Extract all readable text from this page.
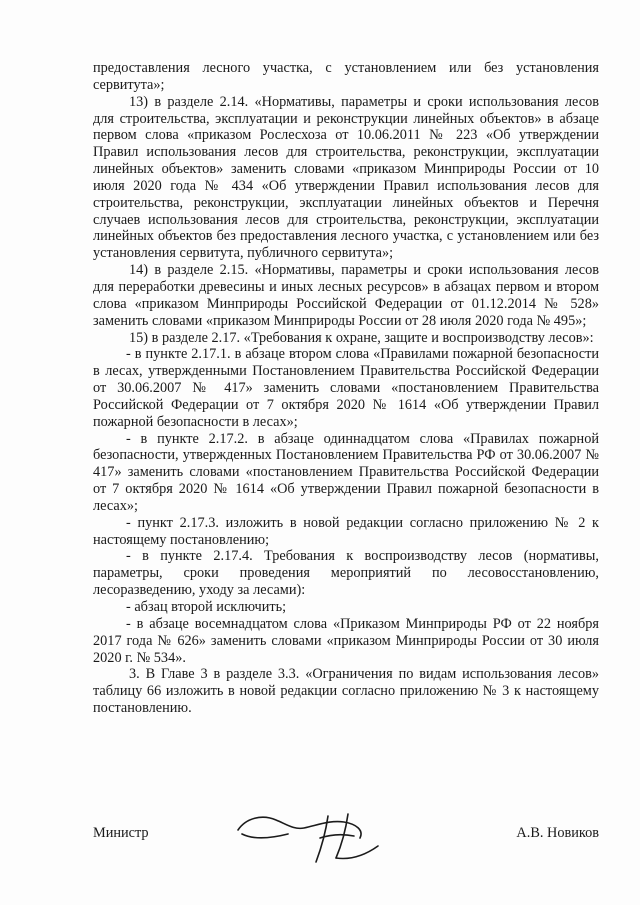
предоставления лесного участка, с установлением или без установления сервитута»;

13) в разделе 2.14. «Нормативы, параметры и сроки использования лесов для строительства, эксплуатации и реконструкции линейных объектов» в абзаце первом слова «приказом Рослесхоза от 10.06.2011 № 223 «Об утверждении Правил использования лесов для строительства, реконструкции, эксплуатации линейных объектов» заменить словами «приказом Минприроды России от 10 июля 2020 года № 434 «Об утверждении Правил использования лесов для строительства, реконструкции, эксплуатации линейных объектов и Перечня случаев использования лесов для строительства, реконструкции, эксплуатации линейных объектов без предоставления лесного участка, с установлением или без установления сервитута, публичного сервитута»;

14) в разделе 2.15. «Нормативы, параметры и сроки использования лесов для переработки древесины и иных лесных ресурсов» в абзацах первом и втором слова «приказом Минприроды Российской Федерации от 01.12.2014 № 528» заменить словами «приказом Минприроды России от 28 июля 2020 года № 495»;

15) в разделе 2.17. «Требования к охране, защите и воспроизводству лесов»:

- в пункте 2.17.1. в абзаце втором слова «Правилами пожарной безопасности в лесах, утвержденными Постановлением Правительства Российской Федерации от 30.06.2007 № 417» заменить словами «постановлением Правительства Российской Федерации от 7 октября 2020 № 1614 «Об утверждении Правил пожарной безопасности в лесах»;

- в пункте 2.17.2. в абзаце одиннадцатом слова «Правилах пожарной безопасности, утвержденных Постановлением Правительства РФ от 30.06.2007 № 417» заменить словами «постановлением Правительства Российской Федерации от 7 октября 2020 № 1614 «Об утверждении Правил пожарной безопасности в лесах»;

- пункт 2.17.3. изложить в новой редакции согласно приложению № 2 к настоящему постановлению;

- в пункте 2.17.4. Требования к воспроизводству лесов (нормативы, параметры, сроки проведения мероприятий по лесовосстановлению, лесоразведению, уходу за лесами):

- абзац второй исключить;

- в абзаце восемнадцатом слова «Приказом Минприроды РФ от 22 ноября 2017 года № 626» заменить словами «приказом Минприроды России от 30 июля 2020 г. № 534».

3. В Главе 3 в разделе 3.3. «Ограничения по видам использования лесов» таблицу 66 изложить в новой редакции согласно приложению № 3 к настоящему постановлению.

Министр	А.В. Новиков
